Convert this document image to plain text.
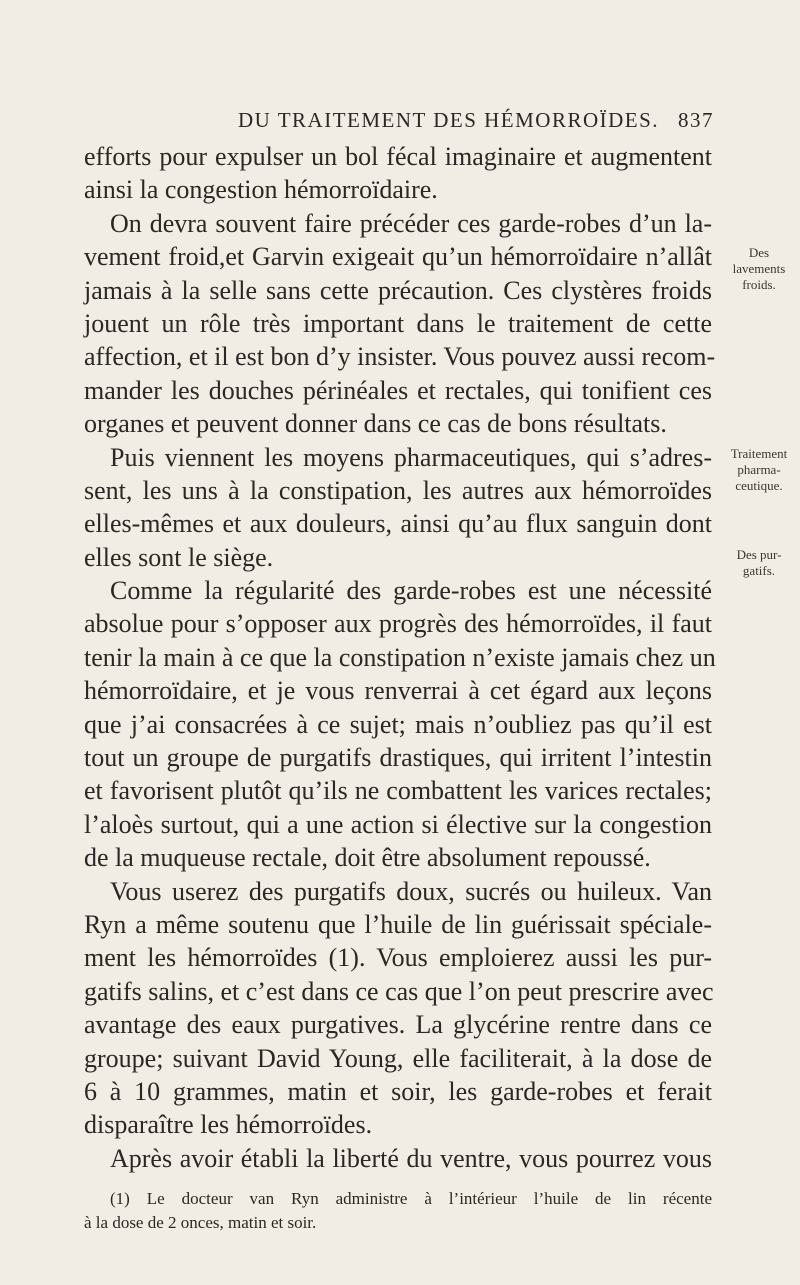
DU TRAITEMENT DES HÉMORROÏDES. 837
efforts pour expulser un bol fécal imaginaire et augmentent
ainsi la congestion hémorroïdaire.
On devra souvent faire précéder ces garde-robes d’un la-
vement froid,et Garvin exigeait qu’un hémorroïdaire n’allât
jamais à la selle sans cette précaution. Ces clystères froids
jouent un rôle très important dans le traitement de cette
affection, et il est bon d’y insister. Vous pouvez aussi recom-
mander les douches périnéales et rectales, qui tonifient ces
organes et peuvent donner dans ce cas de bons résultats.
Puis viennent les moyens pharmaceutiques, qui s’adres-
sent, les uns à la constipation, les autres aux hémorroïdes
elles-mêmes et aux douleurs, ainsi qu’au flux sanguin dont
elles sont le siège.
Comme la régularité des garde-robes est une nécessité
absolue pour s’opposer aux progrès des hémorroïdes, il faut
tenir la main à ce que la constipation n’existe jamais chez un
hémorroïdaire, et je vous renverrai à cet égard aux leçons
que j’ai consacrées à ce sujet; mais n’oubliez pas qu’il est
tout un groupe de purgatifs drastiques, qui irritent l’intestin
et favorisent plutôt qu’ils ne combattent les varices rectales;
l’aloès surtout, qui a une action si élective sur la congestion
de la muqueuse rectale, doit être absolument repoussé.
Vous userez des purgatifs doux, sucrés ou huileux. Van
Ryn a même soutenu que l’huile de lin guérissait spéciale-
ment les hémorroïdes (1). Vous emploierez aussi les pur-
gatifs salins, et c’est dans ce cas que l’on peut prescrire avec
avantage des eaux purgatives. La glycérine rentre dans ce
groupe; suivant David Young, elle faciliterait, à la dose de
6 à 10 grammes, matin et soir, les garde-robes et ferait
disparaître les hémorroïdes.
Après avoir établi la liberté du ventre, vous pourrez vous
Des
lavements
froids.
Traitement
pharma-
ceutique.
Des pur-
gatifs.
(1) Le docteur van Ryn administre à l’intérieur l’huile de lin récente
à la dose de 2 onces, matin et soir.
